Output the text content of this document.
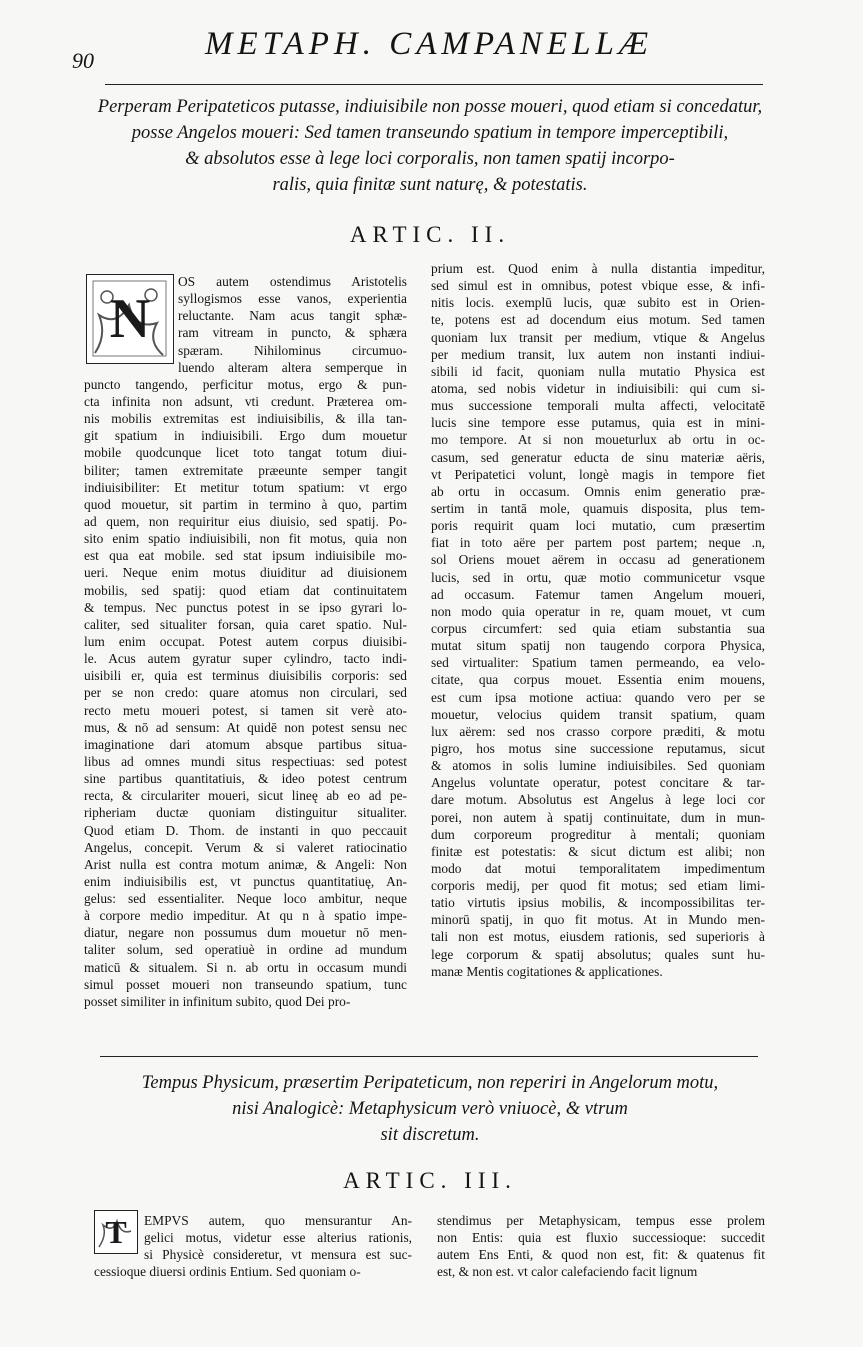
90	METAPH. CAMPANELLÆ
Perperam Peripateticos putasse, indiuisibile non posse moueri, quod etiam si concedatur,
posse Angelos moueri: Sed tamen transeundo spatium in tempore imperceptibili,
& absolutos esse à lege loci corporalis, non tamen spatij incorpo-
ralis, quia finitæ sunt naturę, & potestatis.
ARTIC. II.
N
OS autem ostendimus Aristotelis
syllogismos esse vanos, experientia
reluctante. Nam acus tangit sphæ-
ram vitream in puncto, & sphæra
spæram. Nihilominus circumuo-
luendo alteram altera semperque in
puncto tangendo, perficitur motus, ergo & pun-
cta infinita non adsunt, vti credunt. Præterea om-
nis mobilis extremitas est indiuisibilis, & illa tan-
git spatium in indiuisibili. Ergo dum mouetur
mobile quodcunque licet toto tangat totum diui-
biliter; tamen extremitate præeunte semper tangit
indiuisibiliter: Et metitur totum spatium: vt ergo
quod mouetur, sit partim in termino à quo, partim
ad quem, non requiritur eius diuisio, sed spatij. Po-
sito enim spatio indiuisibili, non fit motus, quia non
est qua eat mobile. sed stat ipsum indiuisibile mo-
ueri. Neque enim motus diuiditur ad diuisionem
mobilis, sed spatij: quod etiam dat continuitatem
& tempus. Nec punctus potest in se ipso gyrari lo-
caliter, sed situaliter forsan, quia caret spatio. Nul-
lum enim occupat. Potest autem corpus diuisibi-
le. Acus autem gyratur super cylindro, tacto indi-
uisibili er, quia est terminus diuisibilis corporis: sed
per se non credo: quare atomus non circulari, sed
recto metu moueri potest, si tamen sit verè ato-
mus, & nō ad sensum: At quidē non potest sensu nec
imaginatione dari atomum absque partibus situa-
libus ad omnes mundi situs respectiuas: sed potest
sine partibus quantitatiuis, & ideo potest centrum
recta, & circulariter moueri, sicut lineę ab eo ad pe-
ripheriam ductæ quoniam distinguitur situaliter.
Quod etiam D. Thom. de instanti in quo peccauit
Angelus, concepit. Verum & si valeret ratiocinatio
Arist nulla est contra motum animæ, & Angeli: Non
enim indiuisibilis est, vt punctus quantitatiuę, An-
gelus: sed essentialiter. Neque loco ambitur, neque
à corpore medio impeditur. At qu n à spatio impe-
diatur, negare non possumus dum mouetur nō men-
taliter solum, sed operatiuè in ordine ad mundum
maticū & situalem. Si n. ab ortu in occasum mundi
simul posset moueri non transeundo spatium, tunc
posset similiter in infinitum subito, quod Dei pro-
prium est. Quod enim à nulla distantia impeditur,
sed simul est in omnibus, potest vbique esse, & infi-
nitis locis. exemplū lucis, quæ subito est in Orien-
te, potens est ad docendum eius motum. Sed tamen
quoniam lux transit per medium, vtique & Angelus
per medium transit, lux autem non instanti indiui-
sibili id facit, quoniam nulla mutatio Physica est
atoma, sed nobis videtur in indiuisibili: qui cum si-
mus successione temporali multa affecti, velocitatē
lucis sine tempore esse putamus, quia est in mini-
mo tempore. At si non moueturlux ab ortu in oc-
casum, sed generatur educta de sinu materiæ aëris,
vt Peripatetici volunt, longè magis in tempore fiet
ab ortu in occasum. Omnis enim generatio præ-
sertim in tantā mole, quamuis disposita, plus tem-
poris requirit quam loci mutatio, cum præsertim
fiat in toto aëre per partem post partem; neque .n,
sol Oriens mouet aërem in occasu ad generationem
lucis, sed in ortu, quæ motio communicetur vsque
ad occasum. Fatemur tamen Angelum moueri,
non modo quia operatur in re, quam mouet, vt cum
corpus circumfert: sed quia etiam substantia sua
mutat situm spatij non taugendo corpora Physica,
sed virtualiter: Spatium tamen permeando, ea velo-
citate, qua corpus mouet. Essentia enim mouens,
est cum ipsa motione actiua: quando vero per se
mouetur, velocius quidem transit spatium, quam
lux aërem: sed nos crasso corpore præditi, & motu
pigro, hos motus sine successione reputamus, sicut
& atomos in solis lumine indiuisibiles. Sed quoniam
Angelus voluntate operatur, potest concitare & tar-
dare motum. Absolutus est Angelus à lege loci cor
porei, non autem à spatij continuitate, dum in mun-
dum corporeum progreditur à mentali; quoniam
finitæ est potestatis: & sicut dictum est alibi; non
modo dat motui temporalitatem impedimentum
corporis medij, per quod fit motus; sed etiam limi-
tatio virtutis ipsius mobilis, & incompossibilitas ter-
minorū spatij, in quo fit motus. At in Mundo men-
tali non est motus, eiusdem rationis, sed superioris à
lege corporum & spatij absolutus; quales sunt hu-
manæ Mentis cogitationes & applicationes.
Tempus Physicum, præsertim Peripateticum, non reperiri in Angelorum motu,
nisi Analogicè: Metaphysicum verò vniuocè, & vtrum
sit discretum.
ARTIC. III.
T EMPVS autem, quo mensurantur An-
gelici motus, videtur esse alterius rationis,
si Physicè consideretur, vt mensura est suc-
cessioque diuersi ordinis Entium. Sed quoniam o-
stendimus per Metaphysicam, tempus esse prolem
non Entis: quia est fluxio successioque: succedit
autem Ens Enti, & quod non est, fit: & quatenus fit
est, & non est. vt calor calefaciendo facit lignum
